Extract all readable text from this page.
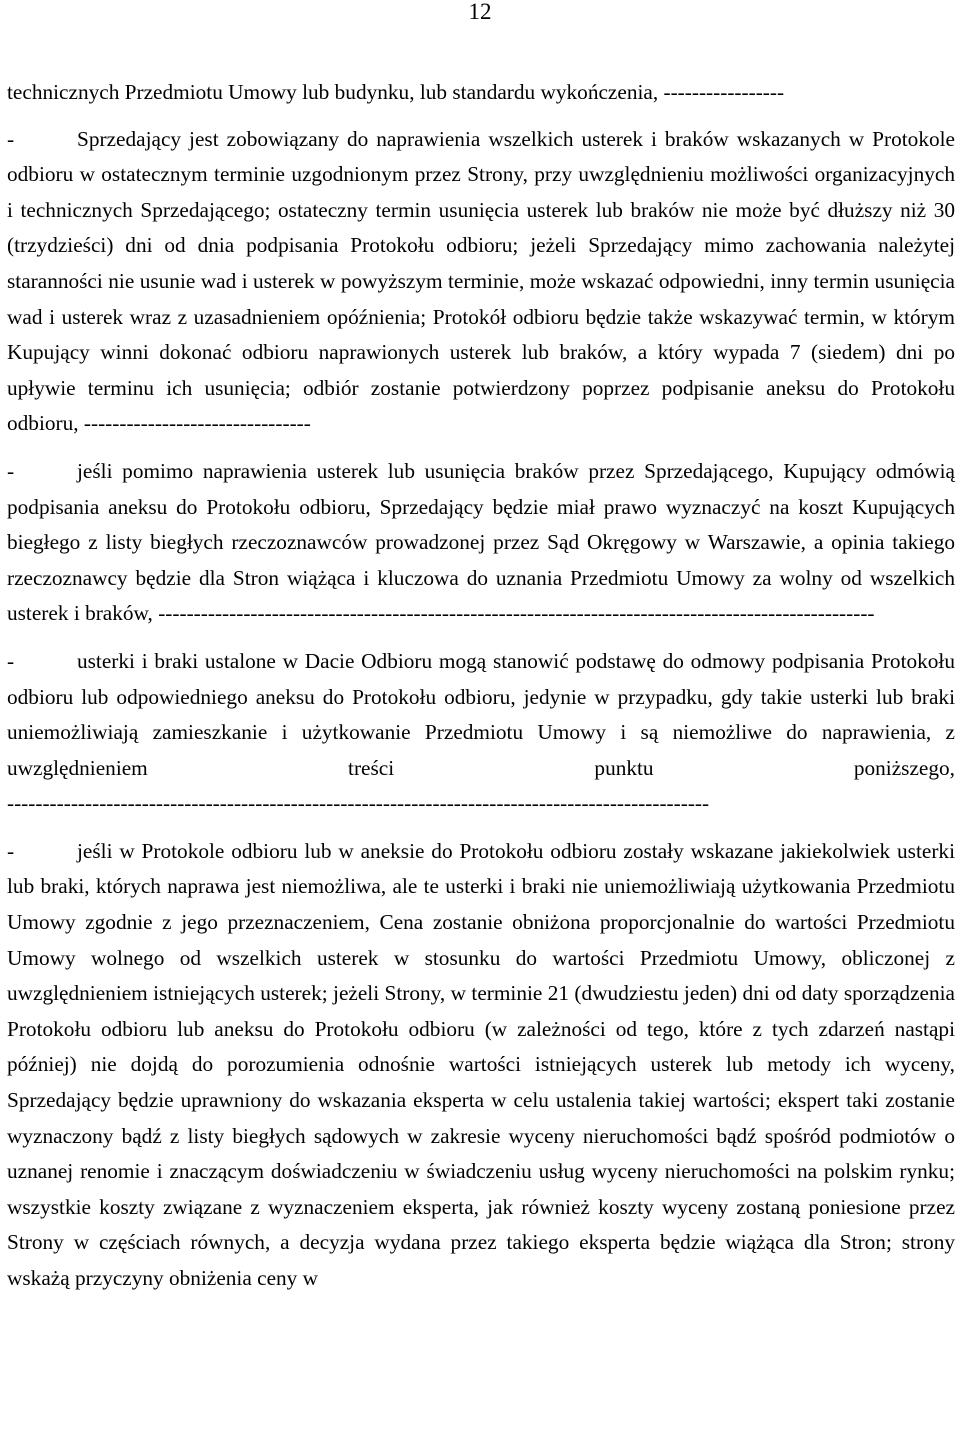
12

technicznych Przedmiotu Umowy lub budynku, lub standardu wykończenia, -----------------

-	Sprzedający jest zobowiązany do naprawienia wszelkich usterek i braków wskazanych w Protokole odbioru w ostatecznym terminie uzgodnionym przez Strony, przy uwzględnieniu możliwości organizacyjnych i technicznych Sprzedającego; ostateczny termin usunięcia usterek lub braków nie może być dłuższy niż 30 (trzydzieści) dni od dnia podpisania Protokołu odbioru; jeżeli Sprzedający mimo zachowania należytej staranności nie usunie wad i usterek w powyższym terminie, może wskazać odpowiedni, inny termin usunięcia wad i usterek wraz z uzasadnieniem opóźnienia; Protokół odbioru będzie także wskazywać termin, w którym Kupujący winni dokonać odbioru naprawionych usterek lub braków, a który wypada 7 (siedem) dni po upływie terminu ich usunięcia; odbiór zostanie potwierdzony poprzez podpisanie aneksu do Protokołu odbioru, --------------------------------

-	jeśli pomimo naprawienia usterek lub usunięcia braków przez Sprzedającego, Kupujący odmówią podpisania aneksu do Protokołu odbioru, Sprzedający będzie miał prawo wyznaczyć na koszt Kupujących biegłego z listy biegłych rzeczoznawców prowadzonej przez Sąd Okręgowy w Warszawie, a opinia takiego rzeczoznawcy będzie dla Stron wiążąca i kluczowa do uznania Przedmiotu Umowy za wolny od wszelkich usterek i braków, -----------------------------------------------------------------------------------------------------

-	usterki i braki ustalone w Dacie Odbioru mogą stanowić podstawę do odmowy podpisania Protokołu odbioru lub odpowiedniego aneksu do Protokołu odbioru, jedynie w przypadku, gdy takie usterki lub braki uniemożliwiają zamieszkanie i użytkowanie Przedmiotu Umowy i są niemożliwe do naprawienia, z uwzględnieniem treści punktu poniższego, ---------------------------------------------------------------------------------------------------

-	jeśli w Protokole odbioru lub w aneksie do Protokołu odbioru zostały wskazane jakiekolwiek usterki lub braki, których naprawa jest niemożliwa, ale te usterki i braki nie uniemożliwiają użytkowania Przedmiotu Umowy zgodnie z jego przeznaczeniem, Cena zostanie obniżona proporcjonalnie do wartości Przedmiotu Umowy wolnego od wszelkich usterek w stosunku do wartości Przedmiotu Umowy, obliczonej z uwzględnieniem istniejących usterek; jeżeli Strony, w terminie 21 (dwudziestu jeden) dni od daty sporządzenia Protokołu odbioru lub aneksu do Protokołu odbioru (w zależności od tego, które z tych zdarzeń nastąpi później) nie dojdą do porozumienia odnośnie wartości istniejących usterek lub metody ich wyceny, Sprzedający będzie uprawniony do wskazania eksperta w celu ustalenia takiej wartości; ekspert taki zostanie wyznaczony bądź z listy biegłych sądowych w zakresie wyceny nieruchomości bądź spośród podmiotów o uznanej renomie i znaczącym doświadczeniu w świadczeniu usług wyceny nieruchomości na polskim rynku; wszystkie koszty związane z wyznaczeniem eksperta, jak również koszty wyceny zostaną poniesione przez Strony w częściach równych, a decyzja wydana przez takiego eksperta będzie wiążąca dla Stron; strony wskażą przyczyny obniżenia ceny w
